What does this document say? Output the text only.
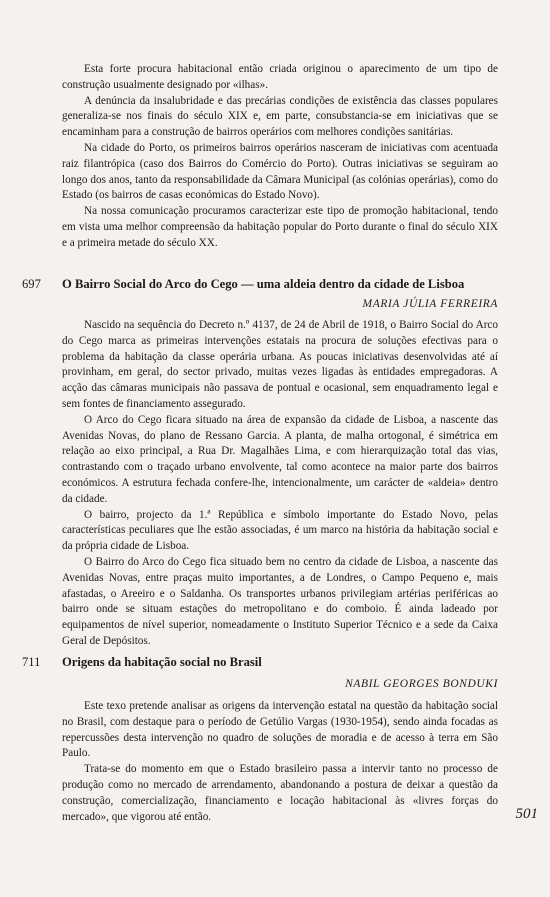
Esta forte procura habitacional então criada originou o aparecimento de um tipo de construção usualmente designado por «ilhas».

A denúncia da insalubridade e das precárias condições de existência das classes populares generaliza-se nos finais do século XIX e, em parte, consubstancia-se em iniciativas que se encaminham para a construção de bairros operários com melhores condições sanitárias.

Na cidade do Porto, os primeiros bairros operários nasceram de iniciativas com acentuada raiz filantrópica (caso dos Bairros do Comércio do Porto). Outras iniciativas se seguiram ao longo dos anos, tanto da responsabilidade da Câmara Municipal (as colónias operárias), como do Estado (os bairros de casas económicas do Estado Novo).

Na nossa comunicação procuramos caracterizar este tipo de promoção habitacional, tendo em vista uma melhor compreensão da habitação popular do Porto durante o final do século XIX e a primeira metade do século XX.

697 O Bairro Social do Arco do Cego — uma aldeia dentro da cidade de Lisboa
MARIA JÚLIA FERREIRA

Nascido na sequência do Decreto n.º 4137, de 24 de Abril de 1918, o Bairro Social do Arco do Cego marca as primeiras intervenções estatais na procura de soluções efectivas para o problema da habitação da classe operária urbana. As poucas iniciativas desenvolvidas até aí provinham, em geral, do sector privado, muitas vezes ligadas às entidades empregadoras. A acção das câmaras municipais não passava de pontual e ocasional, sem enquadramento legal e sem fontes de financiamento assegurado.

O Arco do Cego ficara situado na área de expansão da cidade de Lisboa, a nascente das Avenidas Novas, do plano de Ressano Garcia. A planta, de malha ortogonal, é simétrica em relação ao eixo principal, a Rua Dr. Magalhães Lima, e com hierarquização total das vias, contrastando com o traçado urbano envolvente, tal como acontece na maior parte dos bairros económicos. A estrutura fechada confere-lhe, intencionalmente, um carácter de «aldeia» dentro da cidade.

O bairro, projecto da 1.ª República e símbolo importante do Estado Novo, pelas características peculiares que lhe estão associadas, é um marco na história da habitação social e da própria cidade de Lisboa.

O Bairro do Arco do Cego fica situado bem no centro da cidade de Lisboa, a nascente das Avenidas Novas, entre praças muito importantes, a de Londres, o Campo Pequeno e, mais afastadas, o Areeiro e o Saldanha. Os transportes urbanos privilegiam artérias periféricas ao bairro onde se situam estações do metropolitano e do comboio. É ainda ladeado por equipamentos de nível superior, nomeadamente o Instituto Superior Técnico e a sede da Caixa Geral de Depósitos.

711 Origens da habitação social no Brasil
NABIL GEORGES BONDUKI

Este texo pretende analisar as origens da intervenção estatal na questão da habitação social no Brasil, com destaque para o período de Getúlio Vargas (1930-1954), sendo ainda focadas as repercussões desta intervenção no quadro de soluções de moradia e de acesso à terra em São Paulo.

Trata-se do momento em que o Estado brasileiro passa a intervir tanto no processo de produção como no mercado de arrendamento, abandonando a postura de deixar a questão da construção, comercialização, financiamento e locação habitacional às «livres forças do mercado», que vigorou até então.	501
